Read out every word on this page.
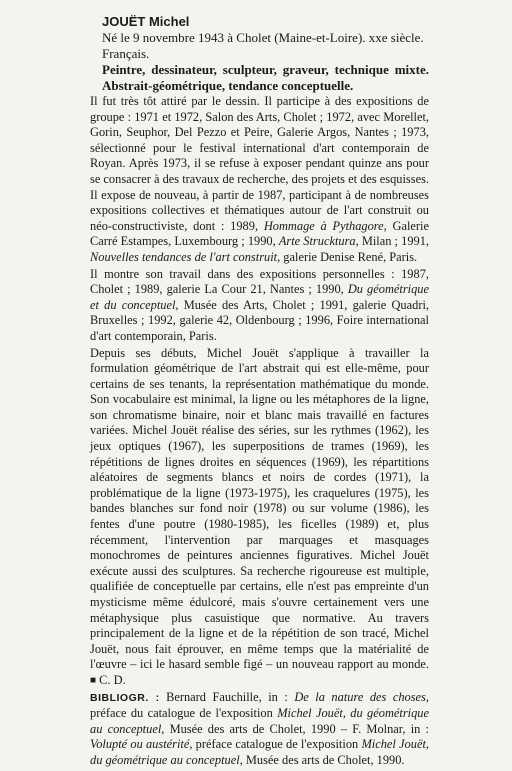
JOUËT Michel
Né le 9 novembre 1943 à Cholet (Maine-et-Loire). xxe siècle.
Français.
Peintre, dessinateur, sculpteur, graveur, technique mixte. Abstrait-géométrique, tendance conceptuelle.

Il fut très tôt attiré par le dessin. Il participe à des expositions de groupe : 1971 et 1972, Salon des Arts, Cholet ; 1972, avec Morellet, Gorin, Seuphor, Del Pezzo et Peire, Galerie Argos, Nantes ; 1973, sélectionné pour le festival international d'art contemporain de Royan. Après 1973, il se refuse à exposer pendant quinze ans pour se consacrer à des travaux de recherche, des projets et des esquisses. Il expose de nouveau, à partir de 1987, participant à de nombreuses expositions collectives et thématiques autour de l'art construit ou néo-constructiviste, dont : 1989, Hommage à Pythagore, Galerie Carré Estampes, Luxembourg ; 1990, Arte Strucktura, Milan ; 1991, Nouvelles tendances de l'art construit, galerie Denise René, Paris.

Il montre son travail dans des expositions personnelles : 1987, Cholet ; 1989, galerie La Cour 21, Nantes ; 1990, Du géométrique et du conceptuel, Musée des Arts, Cholet ; 1991, galerie Quadri, Bruxelles ; 1992, galerie 42, Oldenbourg ; 1996, Foire international d'art contemporain, Paris.

Depuis ses débuts, Michel Jouët s'applique à travailler la formulation géométrique de l'art abstrait qui est elle-même, pour certains de ses tenants, la représentation mathématique du monde. Son vocabulaire est minimal, la ligne ou les métaphores de la ligne, son chromatisme binaire, noir et blanc mais travaillé en factures variées. Michel Jouët réalise des séries, sur les rythmes (1962), les jeux optiques (1967), les superpositions de trames (1969), les répétitions de lignes droites en séquences (1969), les répartitions aléatoires de segments blancs et noirs de cordes (1971), la problématique de la ligne (1973-1975), les craquelures (1975), les bandes blanches sur fond noir (1978) ou sur volume (1986), les fentes d'une poutre (1980-1985), les ficelles (1989) et, plus récemment, l'intervention par marquages et masquages monochromes de peintures anciennes figuratives. Michel Jouët exécute aussi des sculptures. Sa recherche rigoureuse est multiple, qualifiée de conceptuelle par certains, elle n'est pas empreinte d'un mysticisme même édulcoré, mais s'ouvre certainement vers une métaphysique plus casuistique que normative. Au travers principalement de la ligne et de la répétition de son tracé, Michel Jouët, nous fait éprouver, en même temps que la matérialité de l'œuvre – ici le hasard semble figé – un nouveau rapport au monde. ■ C. D.

BIBLIOGR. : Bernard Fauchille, in : De la nature des choses, préface du catalogue de l'exposition Michel Jouët, du géométrique au conceptuel, Musée des arts de Cholet, 1990 – F. Molnar, in : Volupté ou austérité, préface catalogue de l'exposition Michel Jouët, du géométrique au conceptuel, Musée des arts de Cholet, 1990.
